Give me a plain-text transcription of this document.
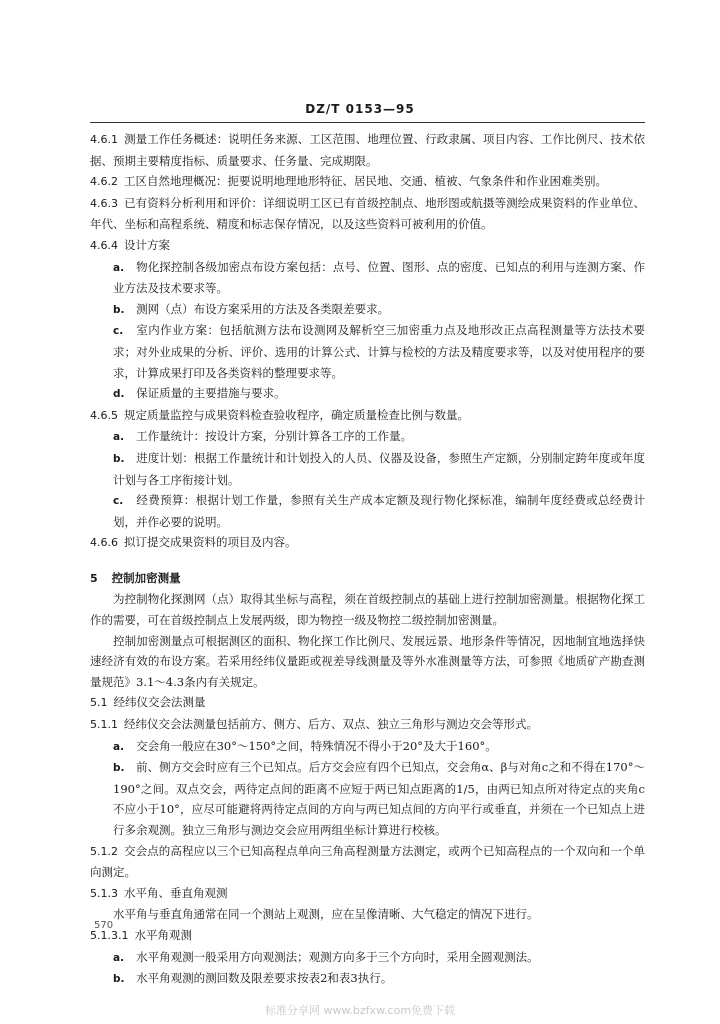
DZ/T 0153—95

4.6.1 测量工作任务概述：说明任务来源、工区范围、地理位置、行政隶属、项目内容、工作比例尺、技术依据、预期主要精度指标、质量要求、任务量、完成期限。

4.6.2 工区自然地理概况：扼要说明地理地形特征、居民地、交通、植被、气象条件和作业困难类别。

4.6.3 已有资料分析利用和评价：详细说明工区已有首级控制点、地形图或航摄等测绘成果资料的作业单位、年代、坐标和高程系统、精度和标志保存情况，以及这些资料可被利用的价值。

4.6.4 设计方案

a. 物化探控制各级加密点布设方案包括：点号、位置、图形、点的密度、已知点的利用与连测方案、作业方法及技术要求等。

b. 测网（点）布设方案采用的方法及各类限差要求。

c. 室内作业方案：包括航测方法布设测网及解析空三加密重力点及地形改正点高程测量等方法技术要求；对外业成果的分析、评价、选用的计算公式、计算与检校的方法及精度要求等，以及对使用程序的要求，计算成果打印及各类资料的整理要求等。

d. 保证质量的主要措施与要求。

4.6.5 规定质量监控与成果资料检查验收程序，确定质量检查比例与数量。

a. 工作量统计：按设计方案，分别计算各工序的工作量。

b. 进度计划：根据工作量统计和计划投入的人员、仪器及设备，参照生产定额，分别制定跨年度或年度计划与各工序衔接计划。

c. 经费预算：根据计划工作量，参照有关生产成本定额及现行物化探标准，编制年度经费或总经费计划，并作必要的说明。

4.6.6 拟订提交成果资料的项目及内容。

5 控制加密测量

为控制物化探测网（点）取得其坐标与高程，须在首级控制点的基础上进行控制加密测量。根据物化探工作的需要，可在首级控制点上发展两级，即为物控一级及物控二级控制加密测量。

控制加密测量点可根据测区的面积、物化探工作比例尺、发展远景、地形条件等情况，因地制宜地选择快速经济有效的布设方案。若采用经纬仪量距或视差导线测量及等外水准测量等方法，可参照《地质矿产勘查测量规范》3.1～4.3条内有关规定。

5.1 经纬仪交会法测量

5.1.1 经纬仪交会法测量包括前方、侧方、后方、双点、独立三角形与测边交会等形式。

a. 交会角一般应在30°～150°之间，特殊情况不得小于20°及大于160°。

b. 前、侧方交会时应有三个已知点。后方交会应有四个已知点，交会角α、β与对角c之和不得在170°～190°之间。双点交会，两待定点间的距离不应短于两已知点距离的1/5，由两已知点所对待定点的夹角c不应小于10°，应尽可能避将两待定点间的方向与两已知点间的方向平行或垂直，并须在一个已知点上进行多余观测。独立三角形与测边交会应用两组坐标计算进行校核。

5.1.2 交会点的高程应以三个已知高程点单向三角高程测量方法测定，或两个已知高程点的一个双向和一个单向测定。

5.1.3 水平角、垂直角观测

水平角与垂直角通常在同一个测站上观测，应在呈像清晰、大气稳定的情况下进行。

5.1.3.1 水平角观测

a. 水平角观测一般采用方向观测法；观测方向多于三个方向时，采用全圆观测法。

b. 水平角观测的测回数及限差要求按表2和表3执行。

570
标准分享网 www.bzfxw.com免费下载
